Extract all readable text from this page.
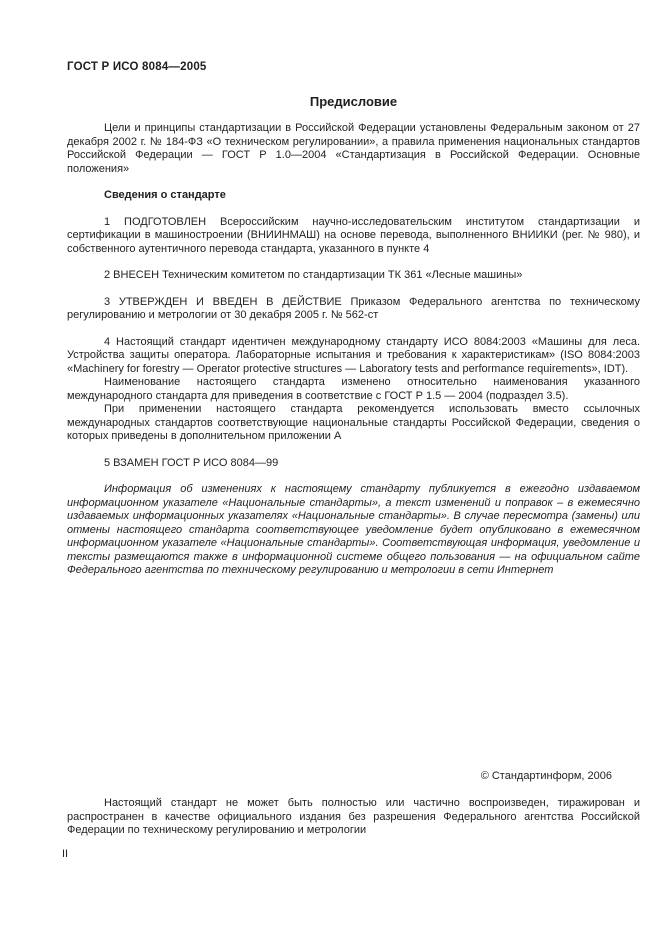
ГОСТ Р ИСО 8084—2005
Предисловие

Цели и принципы стандартизации в Российской Федерации установлены Федеральным законом от 27 декабря 2002 г. № 184-ФЗ «О техническом регулировании», а правила применения национальных стандартов Российской Федерации — ГОСТ Р 1.0—2004 «Стандартизация в Российской Федерации. Основные положения»

Сведения о стандарте

1 ПОДГОТОВЛЕН Всероссийским научно-исследовательским институтом стандартизации и сертификации в машиностроении (ВНИИНМАШ) на основе перевода, выполненного ВНИИКИ (рег. № 980), и собственного аутентичного перевода стандарта, указанного в пункте 4

2 ВНЕСЕН Техническим комитетом по стандартизации ТК 361 «Лесные машины»

3 УТВЕРЖДЕН И ВВЕДЕН В ДЕЙСТВИЕ Приказом Федерального агентства по техническому регулированию и метрологии от 30 декабря 2005 г. № 562-ст

4 Настоящий стандарт идентичен международному стандарту ИСО 8084:2003 «Машины для леса. Устройства защиты оператора. Лабораторные испытания и требования к характеристикам» (ISO 8084:2003 «Machinery for forestry — Operator protective structures — Laboratory tests and performance requirements», IDT).

Наименование настоящего стандарта изменено относительно наименования указанного международного стандарта для приведения в соответствие с ГОСТ Р 1.5 — 2004 (подраздел 3.5).

При применении настоящего стандарта рекомендуется использовать вместо ссылочных международных стандартов соответствующие национальные стандарты Российской Федерации, сведения о которых приведены в дополнительном приложении А

5 ВЗАМЕН ГОСТ Р ИСО 8084—99

Информация об изменениях к настоящему стандарту публикуется в ежегодно издаваемом информационном указателе «Национальные стандарты», а текст изменений и поправок – в ежемесячно издаваемых информационных указателях «Национальные стандарты». В случае пересмотра (замены) или отмены настоящего стандарта соответствующее уведомление будет опубликовано в ежемесячном информационном указателе «Национальные стандарты». Соответствующая информация, уведомление и тексты размещаются также в информационной системе общего пользования — на официальном сайте Федерального агентства по техническому регулированию и метрологии в сети Интернет

© Стандартинформ, 2006
Настоящий стандарт не может быть полностью или частично воспроизведен, тиражирован и распространен в качестве официального издания без разрешения Федерального агентства Российской Федерации по техническому регулированию и метрологии
II
